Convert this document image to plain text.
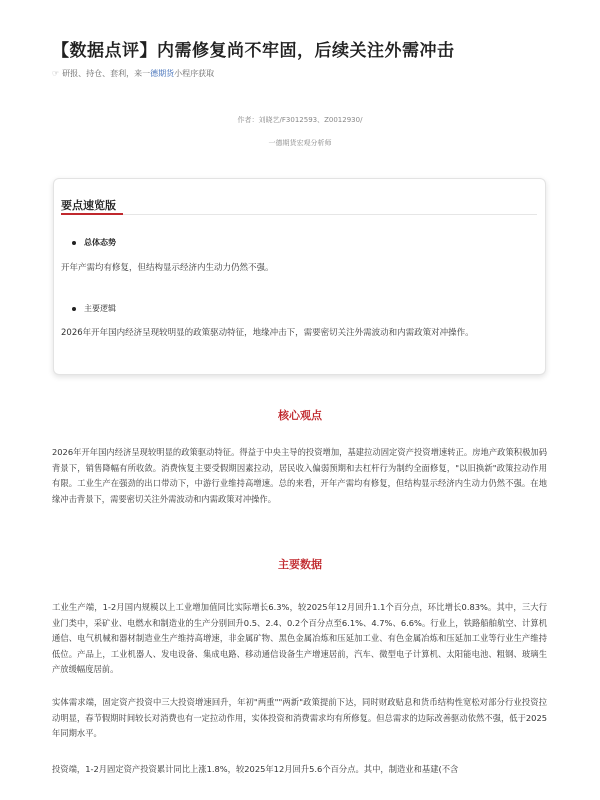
【数据点评】内需修复尚不牢固，后续关注外需冲击
☞ 研报、持仓、套利，来一德期货小程序获取
作者：刘晓艺/F3012593、Z0012930/
一德期货宏观分析师
要点速览版
总体态势
开年产需均有修复，但结构显示经济内生动力仍然不强。
主要逻辑
2026年开年国内经济呈现较明显的政策驱动特征，地缘冲击下，需要密切关注外需波动和内需政策对冲操作。
核心观点
2026年开年国内经济呈现较明显的政策驱动特征。得益于中央主导的投资增加，基建拉动固定资产投资增速转正。房地产政策积极加码背景下，销售降幅有所收敛。消费恢复主要受假期因素拉动，居民收入偏弱预期和去杠杆行为制约全面修复，"以旧换新"政策拉动作用有限。工业生产在强劲的出口带动下，中游行业维持高增速。总的来看，开年产需均有修复，但结构显示经济内生动力仍然不强。在地缘冲击背景下，需要密切关注外需波动和内需政策对冲操作。
主要数据
工业生产端，1-2月国内规模以上工业增加值同比实际增长6.3%，较2025年12月回升1.1个百分点，环比增长0.83%。其中，三大行业门类中，采矿业、电燃水和制造业的生产分别回升0.5、2.4、0.2个百分点至6.1%、4.7%、6.6%。行业上，铁路船舶航空、计算机通信、电气机械和器材制造业生产维持高增速，非金属矿物、黑色金属冶炼和压延加工业、有色金属冶炼和压延加工业等行业生产维持低位。产品上，工业机器人、发电设备、集成电路、移动通信设备生产增速居前，汽车、微型电子计算机、太阳能电池、粗钢、玻璃生产放缓幅度居前。
实体需求端，固定资产投资中三大投资增速回升，年初"两重""两新"政策提前下达，同时财政贴息和货币结构性宽松对部分行业投资拉动明显，春节假期时间较长对消费也有一定拉动作用，实体投资和消费需求均有所修复。但总需求的边际改善驱动依然不强，低于2025年同期水平。
投资端，1-2月固定资产投资累计同比上涨1.8%，较2025年12月回升5.6个百分点。其中，制造业和基建(不含
